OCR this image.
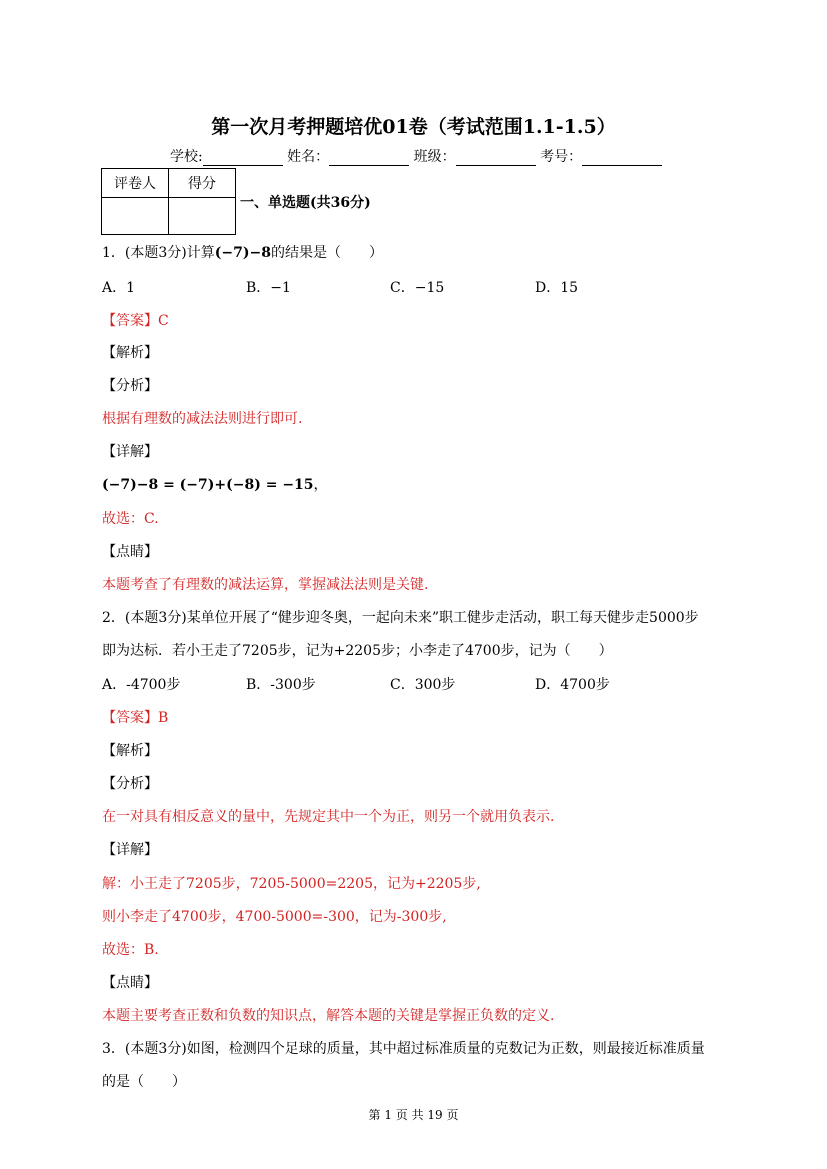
第一次月考押题培优01卷（考试范围1.1-1.5）
学校:	姓名：	班级：	考号：
评卷人	得分

一、单选题(共36分)
1．(本题3分)计算(−7)−8的结果是（　　）
A．1	B．−1	C．−15	D．15
【答案】C
【解析】
【分析】
根据有理数的减法法则进行即可.
【详解】
(−7)−8 = (−7)+(−8) = −15，
故选：C.
【点睛】
本题考查了有理数的减法运算，掌握减法法则是关键.
2．(本题3分)某单位开展了“健步迎冬奥，一起向未来”职工健步走活动，职工每天健步走5000步
即为达标．若小王走了7205步，记为+2205步；小李走了4700步，记为（　　）
A．-4700步	B．-300步	C．300步	D．4700步
【答案】B
【解析】
【分析】
在一对具有相反意义的量中，先规定其中一个为正，则另一个就用负表示.
【详解】
解：小王走了7205步，7205-5000=2205，记为+2205步,
则小李走了4700步，4700-5000=-300，记为-300步,
故选：B.
【点睛】
本题主要考查正数和负数的知识点，解答本题的关键是掌握正负数的定义.
3．(本题3分)如图，检测四个足球的质量，其中超过标准质量的克数记为正数，则最接近标准质量
的是（　　）
第 1 页 共 19 页
